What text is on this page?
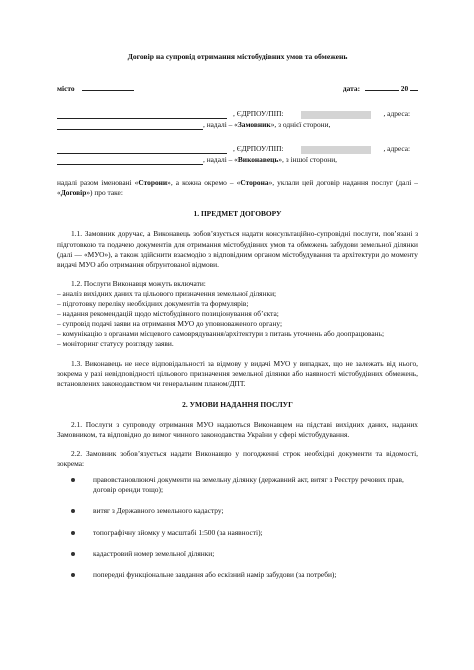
Договір на супровід отримання містобудівних умов та обмежень
місто	дата:	20
, ЄДРПОУ/ПІП:	, адреса:
, надалі – « Замовник », з однієї сторони,
, ЄДРПОУ/ПІП:	, адреса:
, надалі – « Виконавець », з іншої сторони,

надалі разом іменовані «Сторони», а кожна окремо – «Сторона», уклали цей договір надання послуг (далі – «Договір») про таке:

1. ПРЕДМЕТ ДОГОВОРУ

1.1. Замовник доручає, а Виконавець зобов’язується надати консультаційно-супровідні послуги, пов’язані з підготовкою та подачею документів для отримання містобудівних умов та обмежень забудови земельної ділянки (далі — «МУО»), а також здійснити взаємодію з відповідним органом містобудування та архітектури до моменту видачі МУО або отримання обґрунтованої відмови.

1.2. Послуги Виконавця можуть включати:

– аналіз вихідних даних та цільового призначення земельної ділянки;

– підготовку переліку необхідних документів та формулярів;

– надання рекомендацій щодо містобудівного позиціонування об’єкта;

– супровід подачі заяви на отримання МУО до уповноваженого органу;

– комунікацію з органами місцевого самоврядування/архітектури з питань уточнень або доопрацювань;

– моніторинг статусу розгляду заяви.

1.3. Виконавець не несе відповідальності за відмову у видачі МУО у випадках, що не залежать від нього, зокрема у разі невідповідності цільового призначення земельної ділянки або наявності містобудівних обмежень, встановлених законодавством чи генеральним планом/ДПТ.

2. УМОВИ НАДАННЯ ПОСЛУГ

2.1. Послуги з супроводу отримання МУО надаються Виконавцем на підставі вихідних даних, наданих Замовником, та відповідно до вимог чинного законодавства України у сфері містобудування.

2.2. Замовник зобов’язується надати Виконавцю у погодженні строк необхідні документи та відомості, зокрема:

правовстановлюючі документи на земельну ділянку (державний акт, витяг з Реєстру речових прав, договір оренди тощо);
витяг з Державного земельного кадастру;
топографічну зйомку у масштабі 1:500 (за наявності);
кадастровий номер земельної ділянки;
попередні функціональне завдання або ескізний намір забудови (за потреби);
